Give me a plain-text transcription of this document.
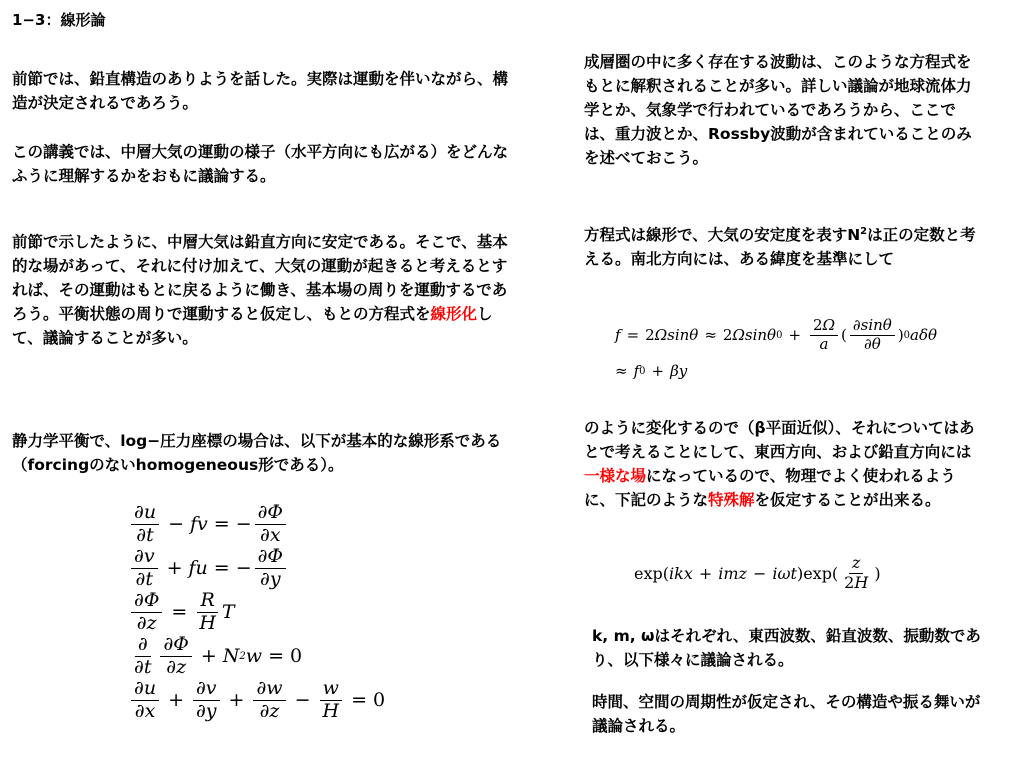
1−3：線形論
前節では、鉛直構造のありようを話した。実際は運動を伴いながら、構造が決定されるであろう。
この講義では、中層大気の運動の様子（水平方向にも広がる）をどんなふうに理解するかをおもに議論する。
前節で示したように、中層大気は鉛直方向に安定である。そこで、基本的な場があって、それに付け加えて、大気の運動が起きると考えるとすれば、その運動はもとに戻るように働き、基本場の周りを運動するであろう。平衡状態の周りで運動すると仮定し、もとの方程式を線形化して、議論することが多い。
静力学平衡で、log−圧力座標の場合は、以下が基本的な線形系である（forcingのないhomogeneous形である）。
$\frac{\partial u}{\partial t}$ − fv = − $\frac{\partial\Phi}{\partial x}$
$\frac{\partial v}{\partial t}$ + fu = − $\frac{\partial\Phi}{\partial y}$
$\frac{\partial\Phi}{\partial z} = \frac{R}{H}$ T
$\frac{\partial}{\partial t} \frac{\partial\Phi}{\partial z} + N$ 2 w = 0
$\frac{\partial u}{\partial x} + \frac{\partial v}{\partial y} + \frac{\partial w}{\partial z} - \frac{w}{H} = 0$
成層圏の中に多く存在する波動は、このような方程式をもとに解釈されることが多い。詳しい議論が地球流体力学とか、気象学で行われているであろうから、ここでは、重力波とか、Rossby波動が含まれていることのみを述べておこう。
方程式は線形で、大気の安定度を表す$N^2$は正の定数と考える。南北方向には、ある緯度を基準にして
f = 2 Ωsinθ ≈ 2 Ωsinθ $0 + \frac{2\Omega}{a}$ ( $\frac{\partial\sin\theta}{\partial\theta}$ ) 0 aδθ
≈ f 0 + βy
のように変化するので（β平面近似）、それについてはあとで考えることにして、東西方向、および鉛直方向には一様な場になっているので、物理でよく使われるように、下記のような特殊解を仮定することが出来る。
exp( ikx + imz − iωt )$\exp( \frac{z}{2H}$ )
k, m, ωはそれぞれ、東西波数、鉛直波数、振動数であり、以下様々に議論される。
時間、空間の周期性が仮定され、その構造や振る舞いが議論される。
